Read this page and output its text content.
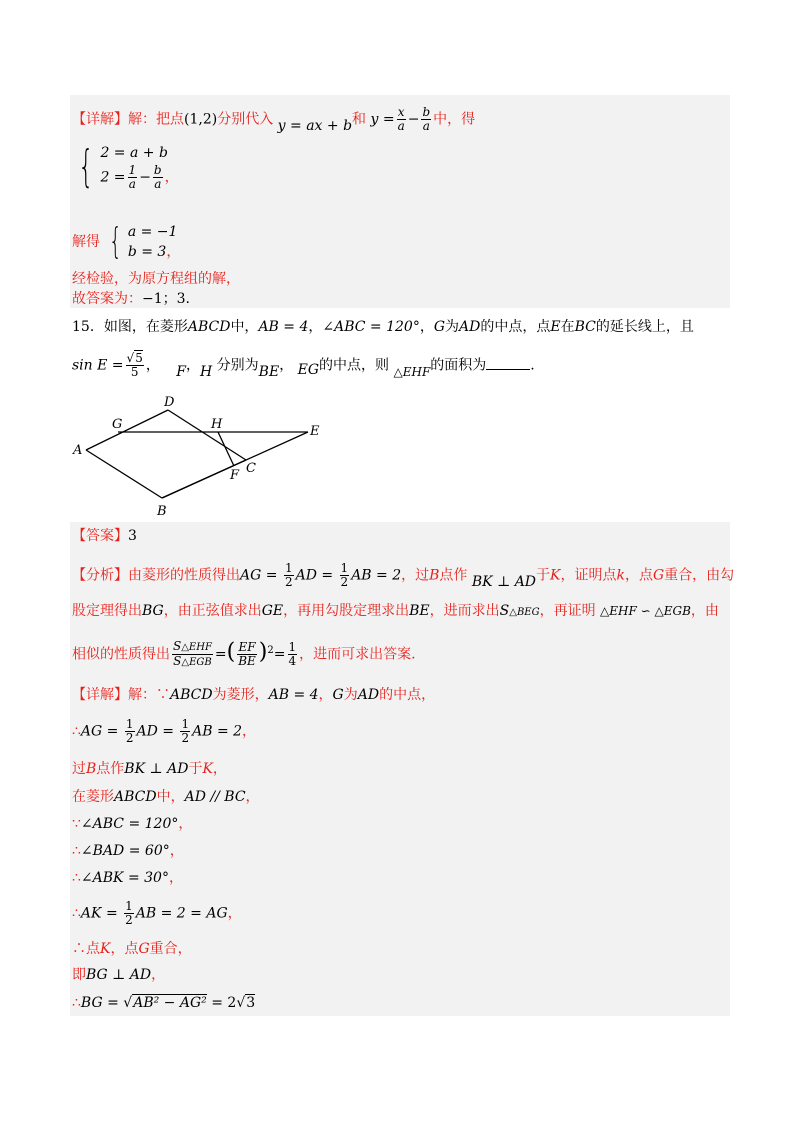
【详解】解：把点(1,2)分别代入 y = ax + b和 $y = \frac{x}{a} - \frac{b}{a}$ 中，得
{ 2 = a + b
$2 = \frac{1}{a} - \frac{b}{a}$ ，
解得 { a = −1
b = 3，
经检验，为原方程组的解，
故答案为：−1；3.
15．如图，在菱形ABCD中，AB = 4，∠ABC = 120°，G为AD的中点，点E在BC的延长线上，且
$\sin E = \frac{√5}{5}$ ， F，H 分别为BE， EG的中点，则 △EHF的面积为	.
A
B
C
D
E
F
G	H
【答案】3
【分析】由菱形的性质得出AG = $\frac{1}{2}$ AD = $\frac{1}{2}$ AB = 2，过B点作 BK ⊥ AD于K，证明点k，点G重合，由勾
股定理得出BG，由正弦值求出GE，再用勾股定理求出BE，进而求出S△BEG，再证明 △EHF ∽ △EGB，由
相似的性质得出 $\frac{\text{S△EHF}}{\text{S△EGB}}$ =( $\frac{EF}{BE} )^2= \frac{1}{4}$ ，进而可求出答案.
【详解】解：∵ABCD为菱形，AB = 4，G为AD的中点，
∴AG = $\frac{1}{2}$ AD = $\frac{1}{2}$ AB = 2，
过B点作BK ⊥ AD于K，
在菱形ABCD中，AD // BC，
∵∠ABC = 120°，
∴∠BAD = 60°，
∴∠ABK = 30°，
∴AK = $\frac{1}{2}$ AB = 2 = AG，
∴点K，点G重合，
即BG ⊥ AD，
∴BG = √AB² − AG² = 2√3
